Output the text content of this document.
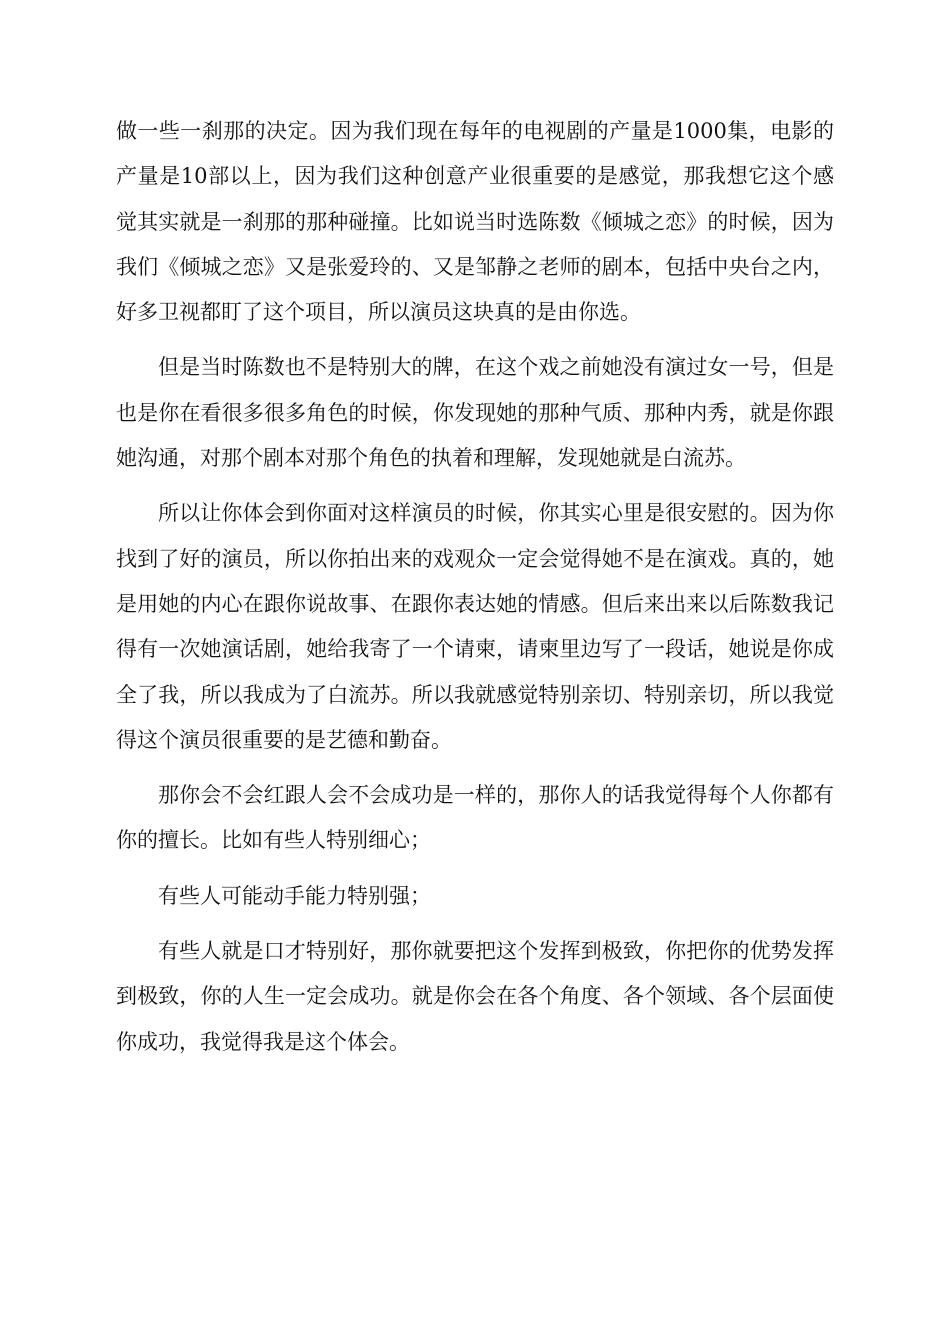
做一些一刹那的决定。因为我们现在每年的电视剧的产量是1000集，电影的产量是10部以上，因为我们这种创意产业很重要的是感觉，那我想它这个感觉其实就是一刹那的那种碰撞。比如说当时选陈数《倾城之恋》的时候，因为我们《倾城之恋》又是张爱玲的、又是邹静之老师的剧本，包括中央台之内，好多卫视都盯了这个项目，所以演员这块真的是由你选。

但是当时陈数也不是特别大的牌，在这个戏之前她没有演过女一号，但是也是你在看很多很多角色的时候，你发现她的那种气质、那种内秀，就是你跟她沟通，对那个剧本对那个角色的执着和理解，发现她就是白流苏。

所以让你体会到你面对这样演员的时候，你其实心里是很安慰的。因为你找到了好的演员，所以你拍出来的戏观众一定会觉得她不是在演戏。真的，她是用她的内心在跟你说故事、在跟你表达她的情感。但后来出来以后陈数我记得有一次她演话剧，她给我寄了一个请柬，请柬里边写了一段话，她说是你成全了我，所以我成为了白流苏。所以我就感觉特别亲切、特别亲切，所以我觉得这个演员很重要的是艺德和勤奋。

那你会不会红跟人会不会成功是一样的，那你人的话我觉得每个人你都有你的擅长。比如有些人特别细心；

有些人可能动手能力特别强；

有些人就是口才特别好，那你就要把这个发挥到极致，你把你的优势发挥到极致，你的人生一定会成功。就是你会在各个角度、各个领域、各个层面使你成功，我觉得我是这个体会。
